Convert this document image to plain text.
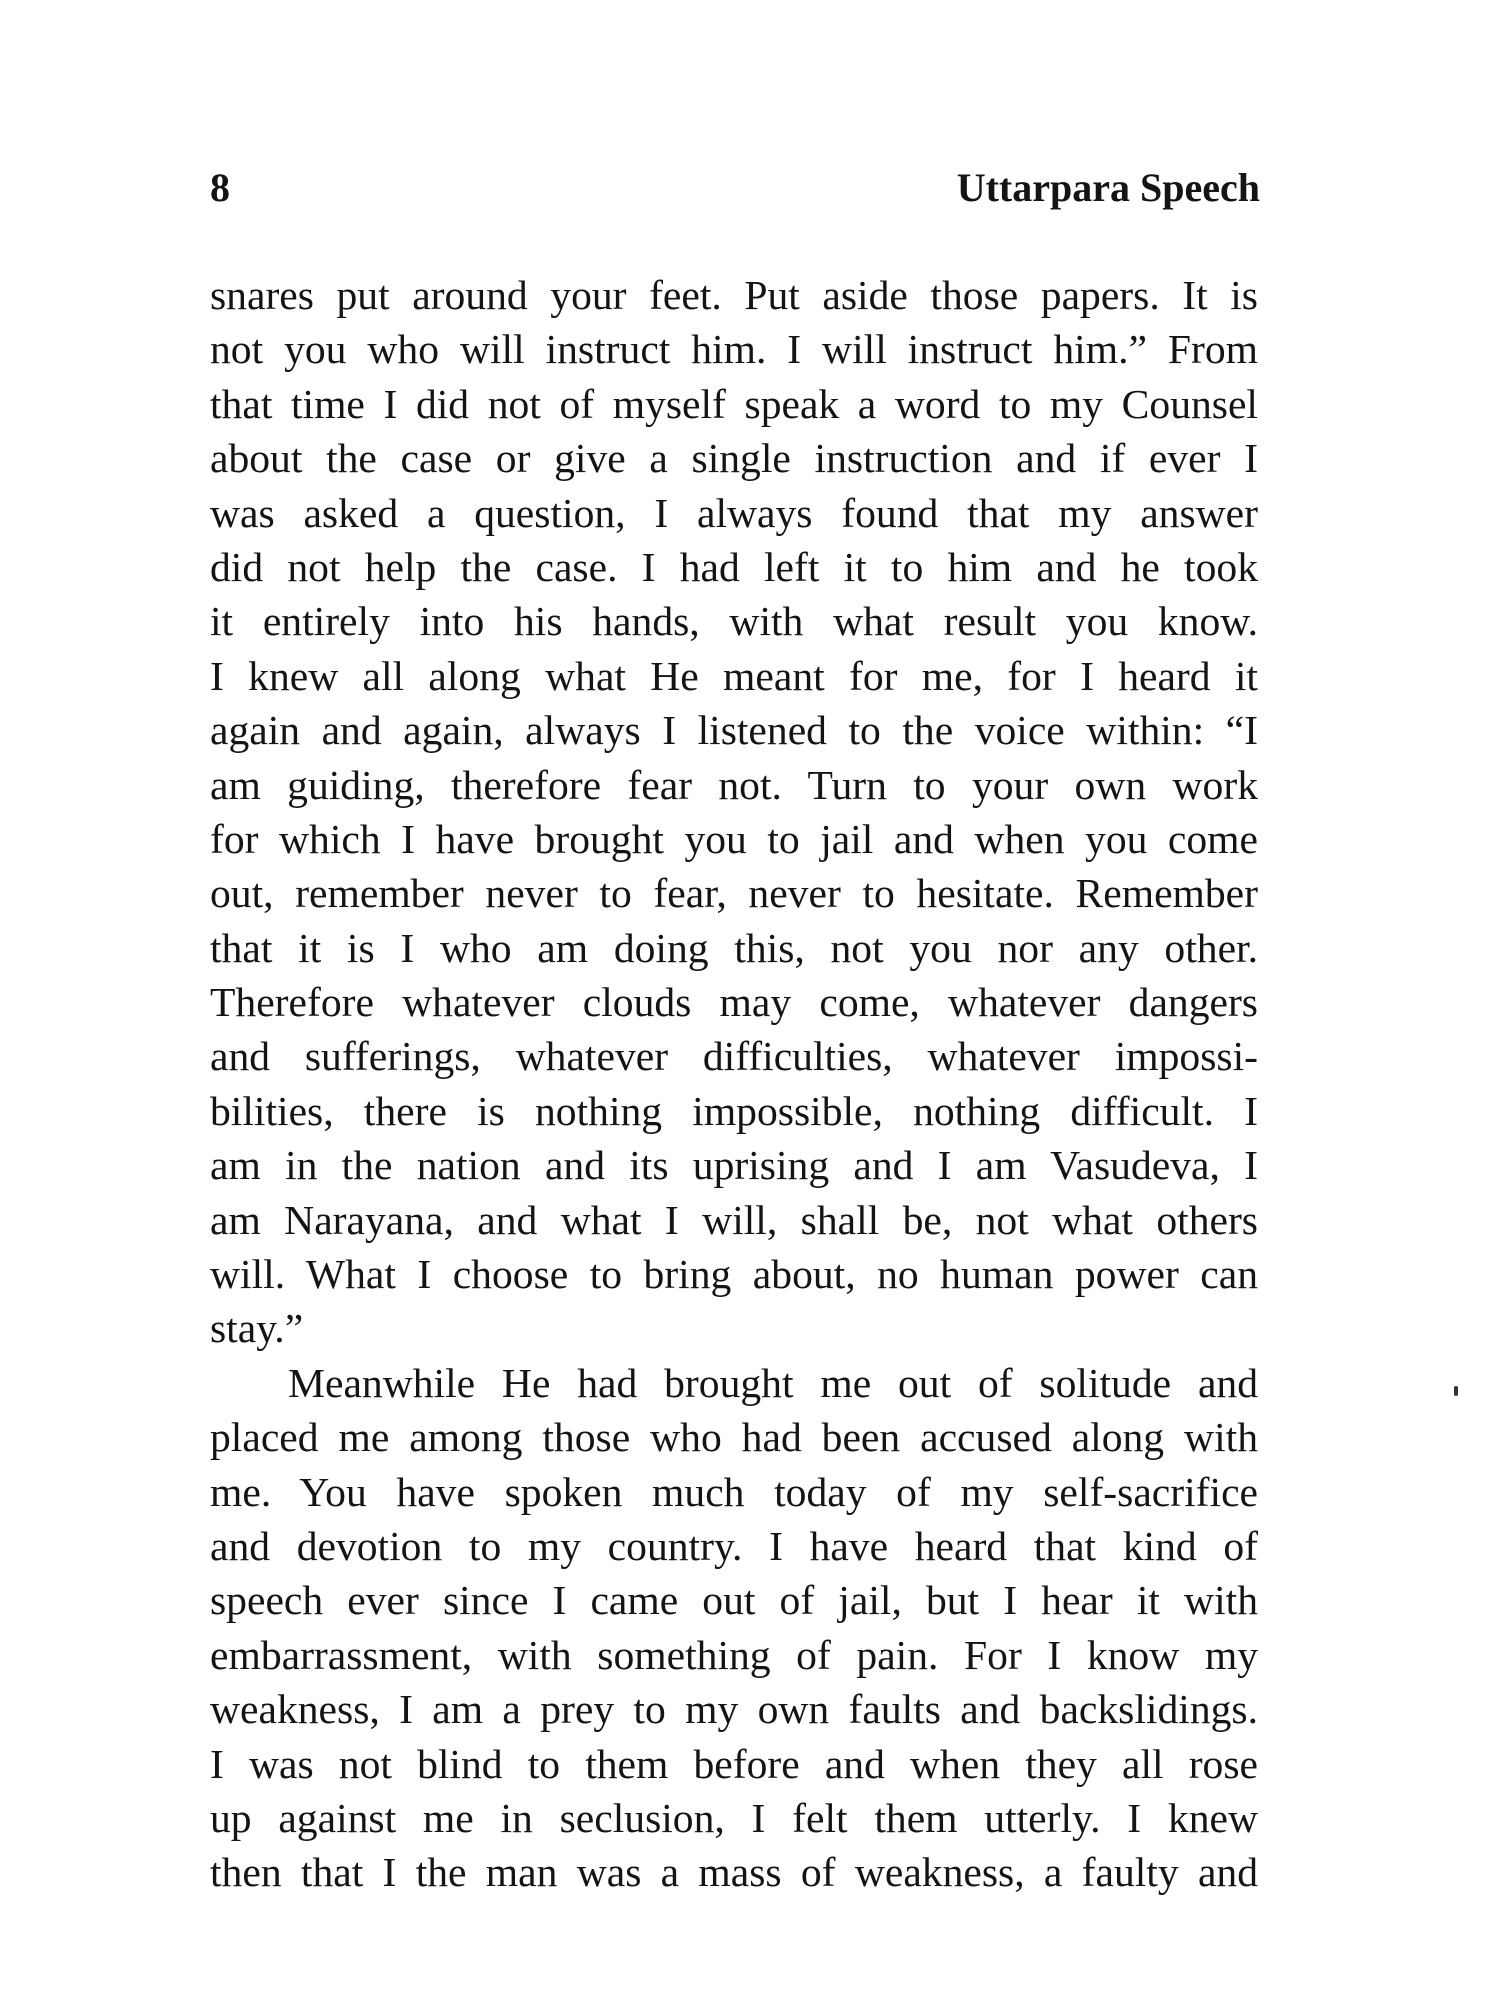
8	Uttarpara Speech
snares put around your feet. Put aside those papers. It is
not you who will instruct him. I will instruct him.” From
that time I did not of myself speak a word to my Counsel
about the case or give a single instruction and if ever I
was asked a question, I always found that my answer
did not help the case. I had left it to him and he took
it entirely into his hands, with what result you know.
I knew all along what He meant for me, for I heard it
again and again, always I listened to the voice within: “I
am guiding, therefore fear not. Turn to your own work
for which I have brought you to jail and when you come
out, remember never to fear, never to hesitate. Remember
that it is I who am doing this, not you nor any other.
Therefore whatever clouds may come, whatever dangers
and sufferings, whatever difficulties, whatever impossi-
bilities, there is nothing impossible, nothing difficult. I
am in the nation and its uprising and I am Vasudeva, I
am Narayana, and what I will, shall be, not what others
will. What I choose to bring about, no human power can
stay.”
Meanwhile He had brought me out of solitude and
placed me among those who had been accused along with
me. You have spoken much today of my self-sacrifice
and devotion to my country. I have heard that kind of
speech ever since I came out of jail, but I hear it with
embarrassment, with something of pain. For I know my
weakness, I am a prey to my own faults and backslidings.
I was not blind to them before and when they all rose
up against me in seclusion, I felt them utterly. I knew
then that I the man was a mass of weakness, a faulty and
